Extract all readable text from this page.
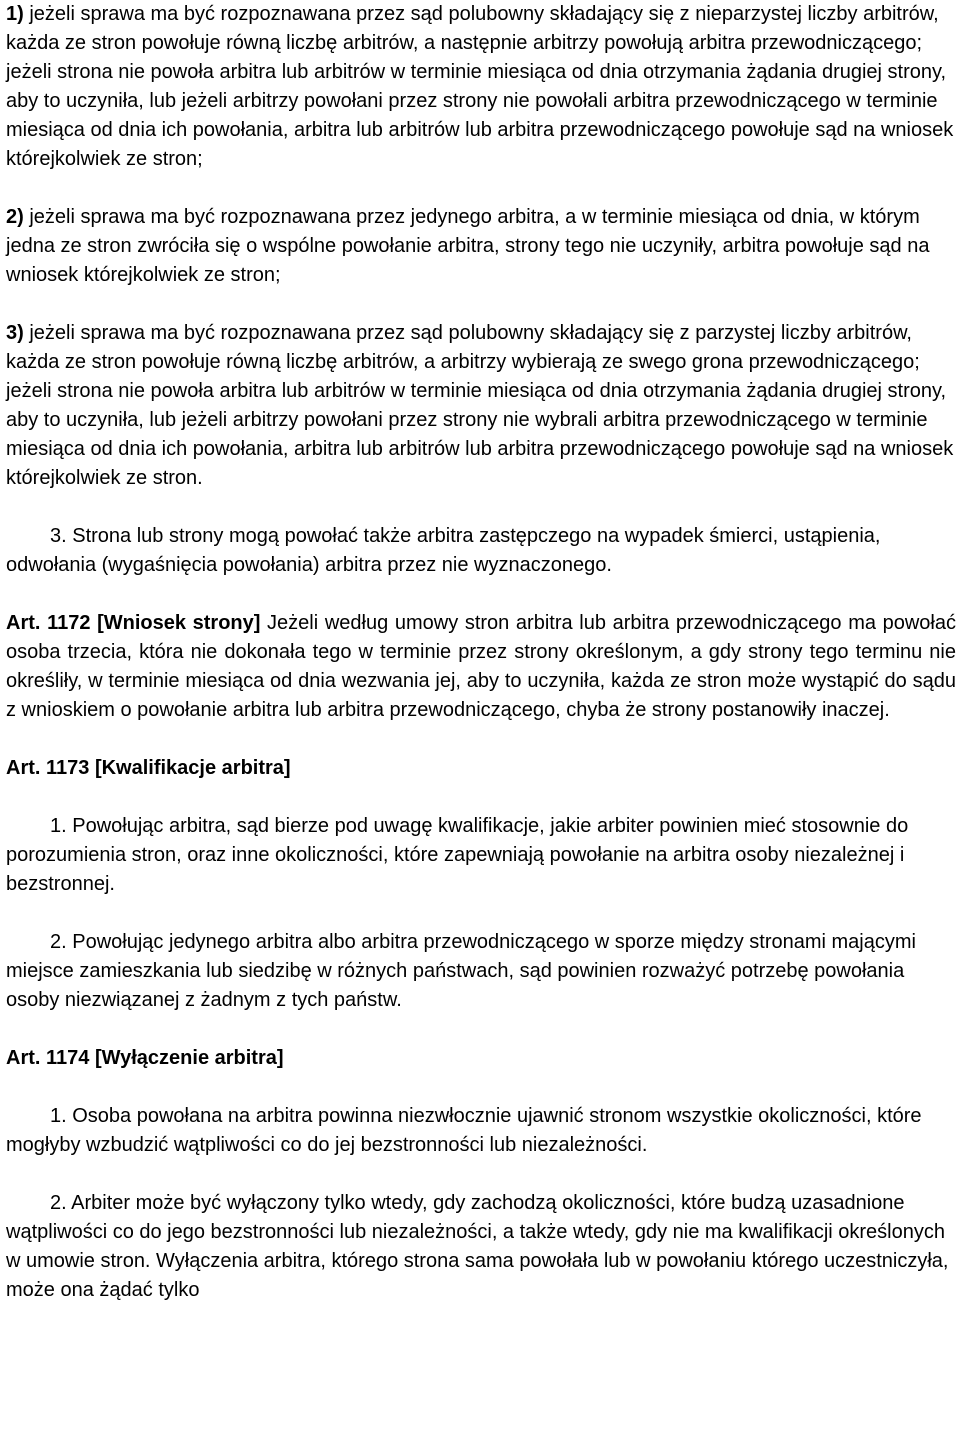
1) jeżeli sprawa ma być rozpoznawana przez sąd polubowny składający się z nieparzystej liczby arbitrów, każda ze stron powołuje równą liczbę arbitrów, a następnie arbitrzy powołują arbitra przewodniczącego; jeżeli strona nie powoła arbitra lub arbitrów w terminie miesiąca od dnia otrzymania żądania drugiej strony, aby to uczyniła, lub jeżeli arbitrzy powołani przez strony nie powołali arbitra przewodniczącego w terminie miesiąca od dnia ich powołania, arbitra lub arbitrów lub arbitra przewodniczącego powołuje sąd na wniosek którejkolwiek ze stron;

2) jeżeli sprawa ma być rozpoznawana przez jedynego arbitra, a w terminie miesiąca od dnia, w którym jedna ze stron zwróciła się o wspólne powołanie arbitra, strony tego nie uczyniły, arbitra powołuje sąd na wniosek którejkolwiek ze stron;

3) jeżeli sprawa ma być rozpoznawana przez sąd polubowny składający się z parzystej liczby arbitrów, każda ze stron powołuje równą liczbę arbitrów, a arbitrzy wybierają ze swego grona przewodniczącego; jeżeli strona nie powoła arbitra lub arbitrów w terminie miesiąca od dnia otrzymania żądania drugiej strony, aby to uczyniła, lub jeżeli arbitrzy powołani przez strony nie wybrali arbitra przewodniczącego w terminie miesiąca od dnia ich powołania, arbitra lub arbitrów lub arbitra przewodniczącego powołuje sąd na wniosek którejkolwiek ze stron.

3. Strona lub strony mogą powołać także arbitra zastępczego na wypadek śmierci, ustąpienia, odwołania (wygaśnięcia powołania) arbitra przez nie wyznaczonego.

Art. 1172 [Wniosek strony] Jeżeli według umowy stron arbitra lub arbitra przewodniczącego ma powołać osoba trzecia, która nie dokonała tego w terminie przez strony określonym, a gdy strony tego terminu nie określiły, w terminie miesiąca od dnia wezwania jej, aby to uczyniła, każda ze stron może wystąpić do sądu z wnioskiem o powołanie arbitra lub arbitra przewodniczącego, chyba że strony postanowiły inaczej.

Art. 1173 [Kwalifikacje arbitra]

1. Powołując arbitra, sąd bierze pod uwagę kwalifikacje, jakie arbiter powinien mieć stosownie do porozumienia stron, oraz inne okoliczności, które zapewniają powołanie na arbitra osoby niezależnej i bezstronnej.

2. Powołując jedynego arbitra albo arbitra przewodniczącego w sporze między stronami mającymi miejsce zamieszkania lub siedzibę w różnych państwach, sąd powinien rozważyć potrzebę powołania osoby niezwiązanej z żadnym z tych państw.

Art. 1174 [Wyłączenie arbitra]

1. Osoba powołana na arbitra powinna niezwłocznie ujawnić stronom wszystkie okoliczności, które mogłyby wzbudzić wątpliwości co do jej bezstronności lub niezależności.

2. Arbiter może być wyłączony tylko wtedy, gdy zachodzą okoliczności, które budzą uzasadnione wątpliwości co do jego bezstronności lub niezależności, a także wtedy, gdy nie ma kwalifikacji określonych w umowie stron. Wyłączenia arbitra, którego strona sama powołała lub w powołaniu którego uczestniczyła, może ona żądać tylko
